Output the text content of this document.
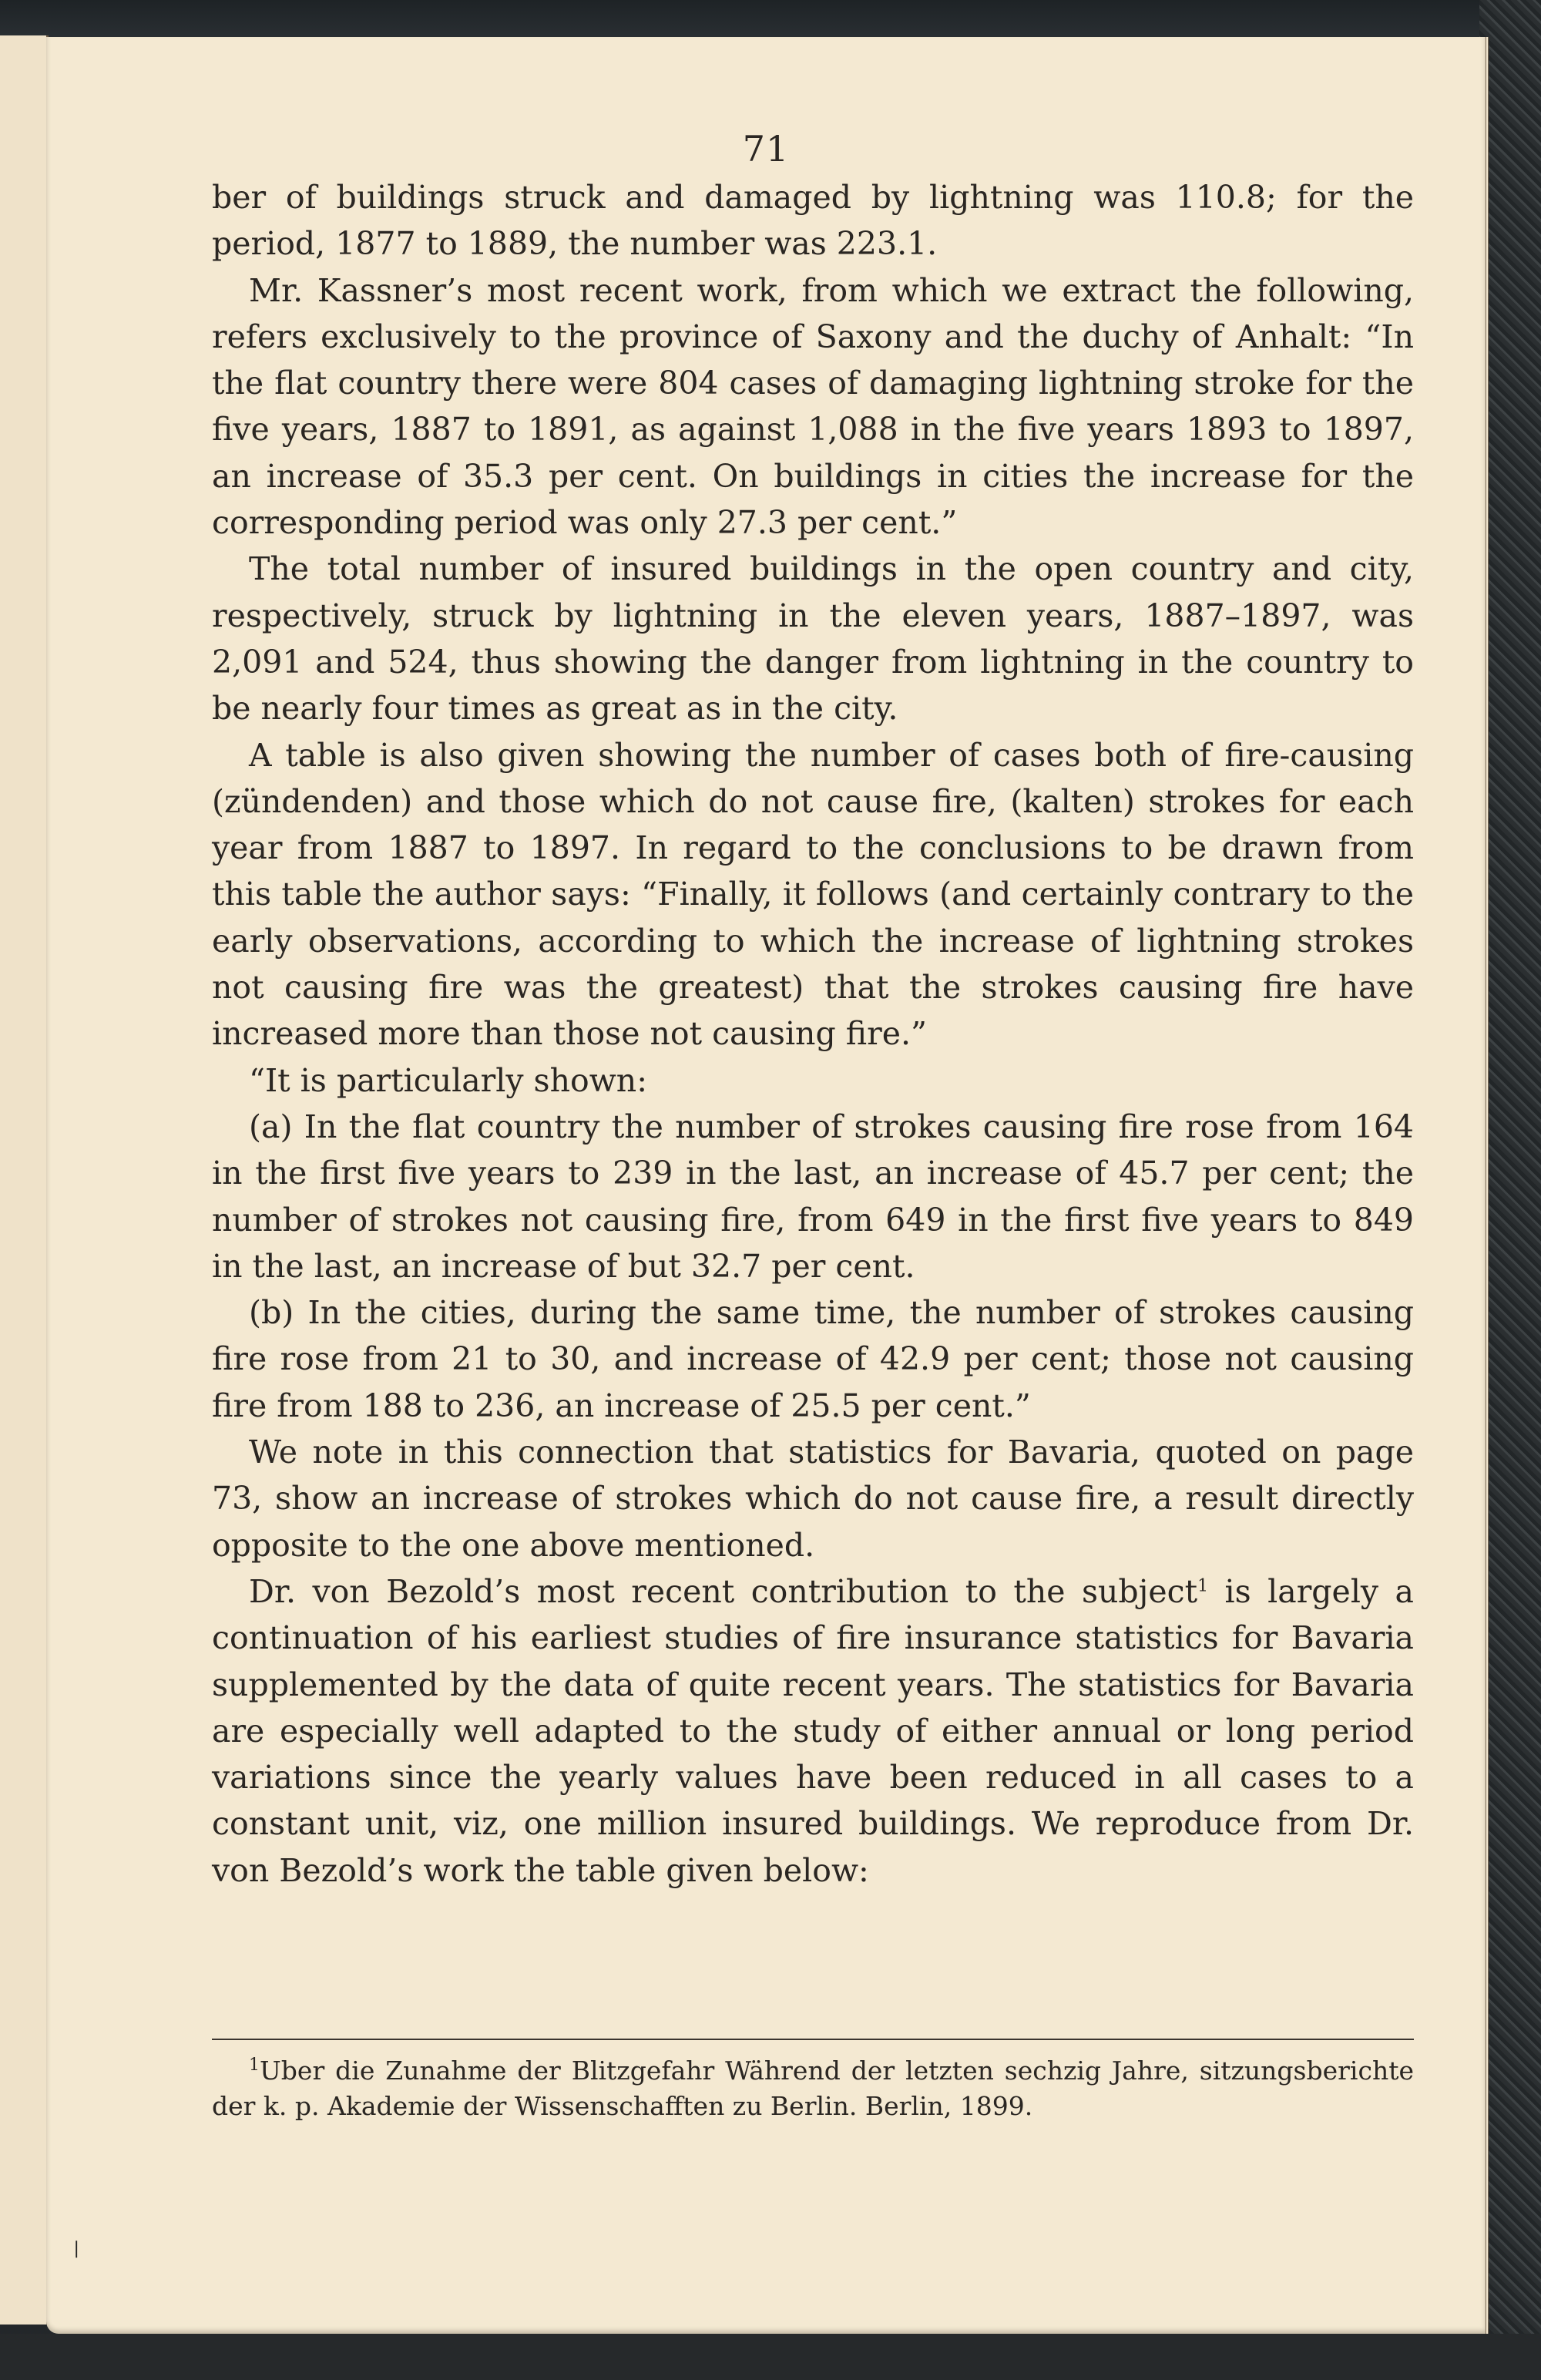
71

ber of buildings struck and damaged by lightning was 110.8; for the period, 1877 to 1889, the number was 223.1.

Mr. Kassner’s most recent work, from which we extract the following, refers exclusively to the province of Saxony and the duchy of Anhalt: “In the flat country there were 804 cases of damaging lightning stroke for the five years, 1887 to 1891, as against 1,088 in the five years 1893 to 1897, an increase of 35.3 per cent. On buildings in cities the increase for the corresponding period was only 27.3 per cent.”

The total number of insured buildings in the open country and city, respectively, struck by lightning in the eleven years, 1887–1897, was 2,091 and 524, thus showing the danger from lightning in the country to be nearly four times as great as in the city.

A table is also given showing the number of cases both of fire-causing (zündenden) and those which do not cause fire, (kalten) strokes for each year from 1887 to 1897. In regard to the conclusions to be drawn from this table the author says: “Finally, it follows (and certainly contrary to the early observations, according to which the increase of lightning strokes not causing fire was the greatest) that the strokes causing fire have increased more than those not causing fire.”

“It is particularly shown:

(a) In the flat country the number of strokes causing fire rose from 164 in the first five years to 239 in the last, an increase of 45.7 per cent; the number of strokes not causing fire, from 649 in the first five years to 849 in the last, an increase of but 32.7 per cent.

(b) In the cities, during the same time, the number of strokes causing fire rose from 21 to 30, and increase of 42.9 per cent; those not causing fire from 188 to 236, an increase of 25.5 per cent.”

We note in this connection that statistics for Bavaria, quoted on page 73, show an increase of strokes which do not cause fire, a result directly opposite to the one above mentioned.

Dr. von Bezold’s most recent contribution to the subject$^1$ is largely a continuation of his earliest studies of fire insurance statistics for Bavaria supplemented by the data of quite recent years. The statistics for Bavaria are especially well adapted to the study of either annual or long period variations since the yearly values have been reduced in all cases to a constant unit, viz, one million insured buildings. We reproduce from Dr. von Bezold’s work the table given below:

$^1$Uber die Zunahme der Blitzgefahr Während der letzten sechzig Jahre, sitzungsberichte der k. p. Akademie der Wissenschafften zu Berlin. Berlin, 1899.

❘
